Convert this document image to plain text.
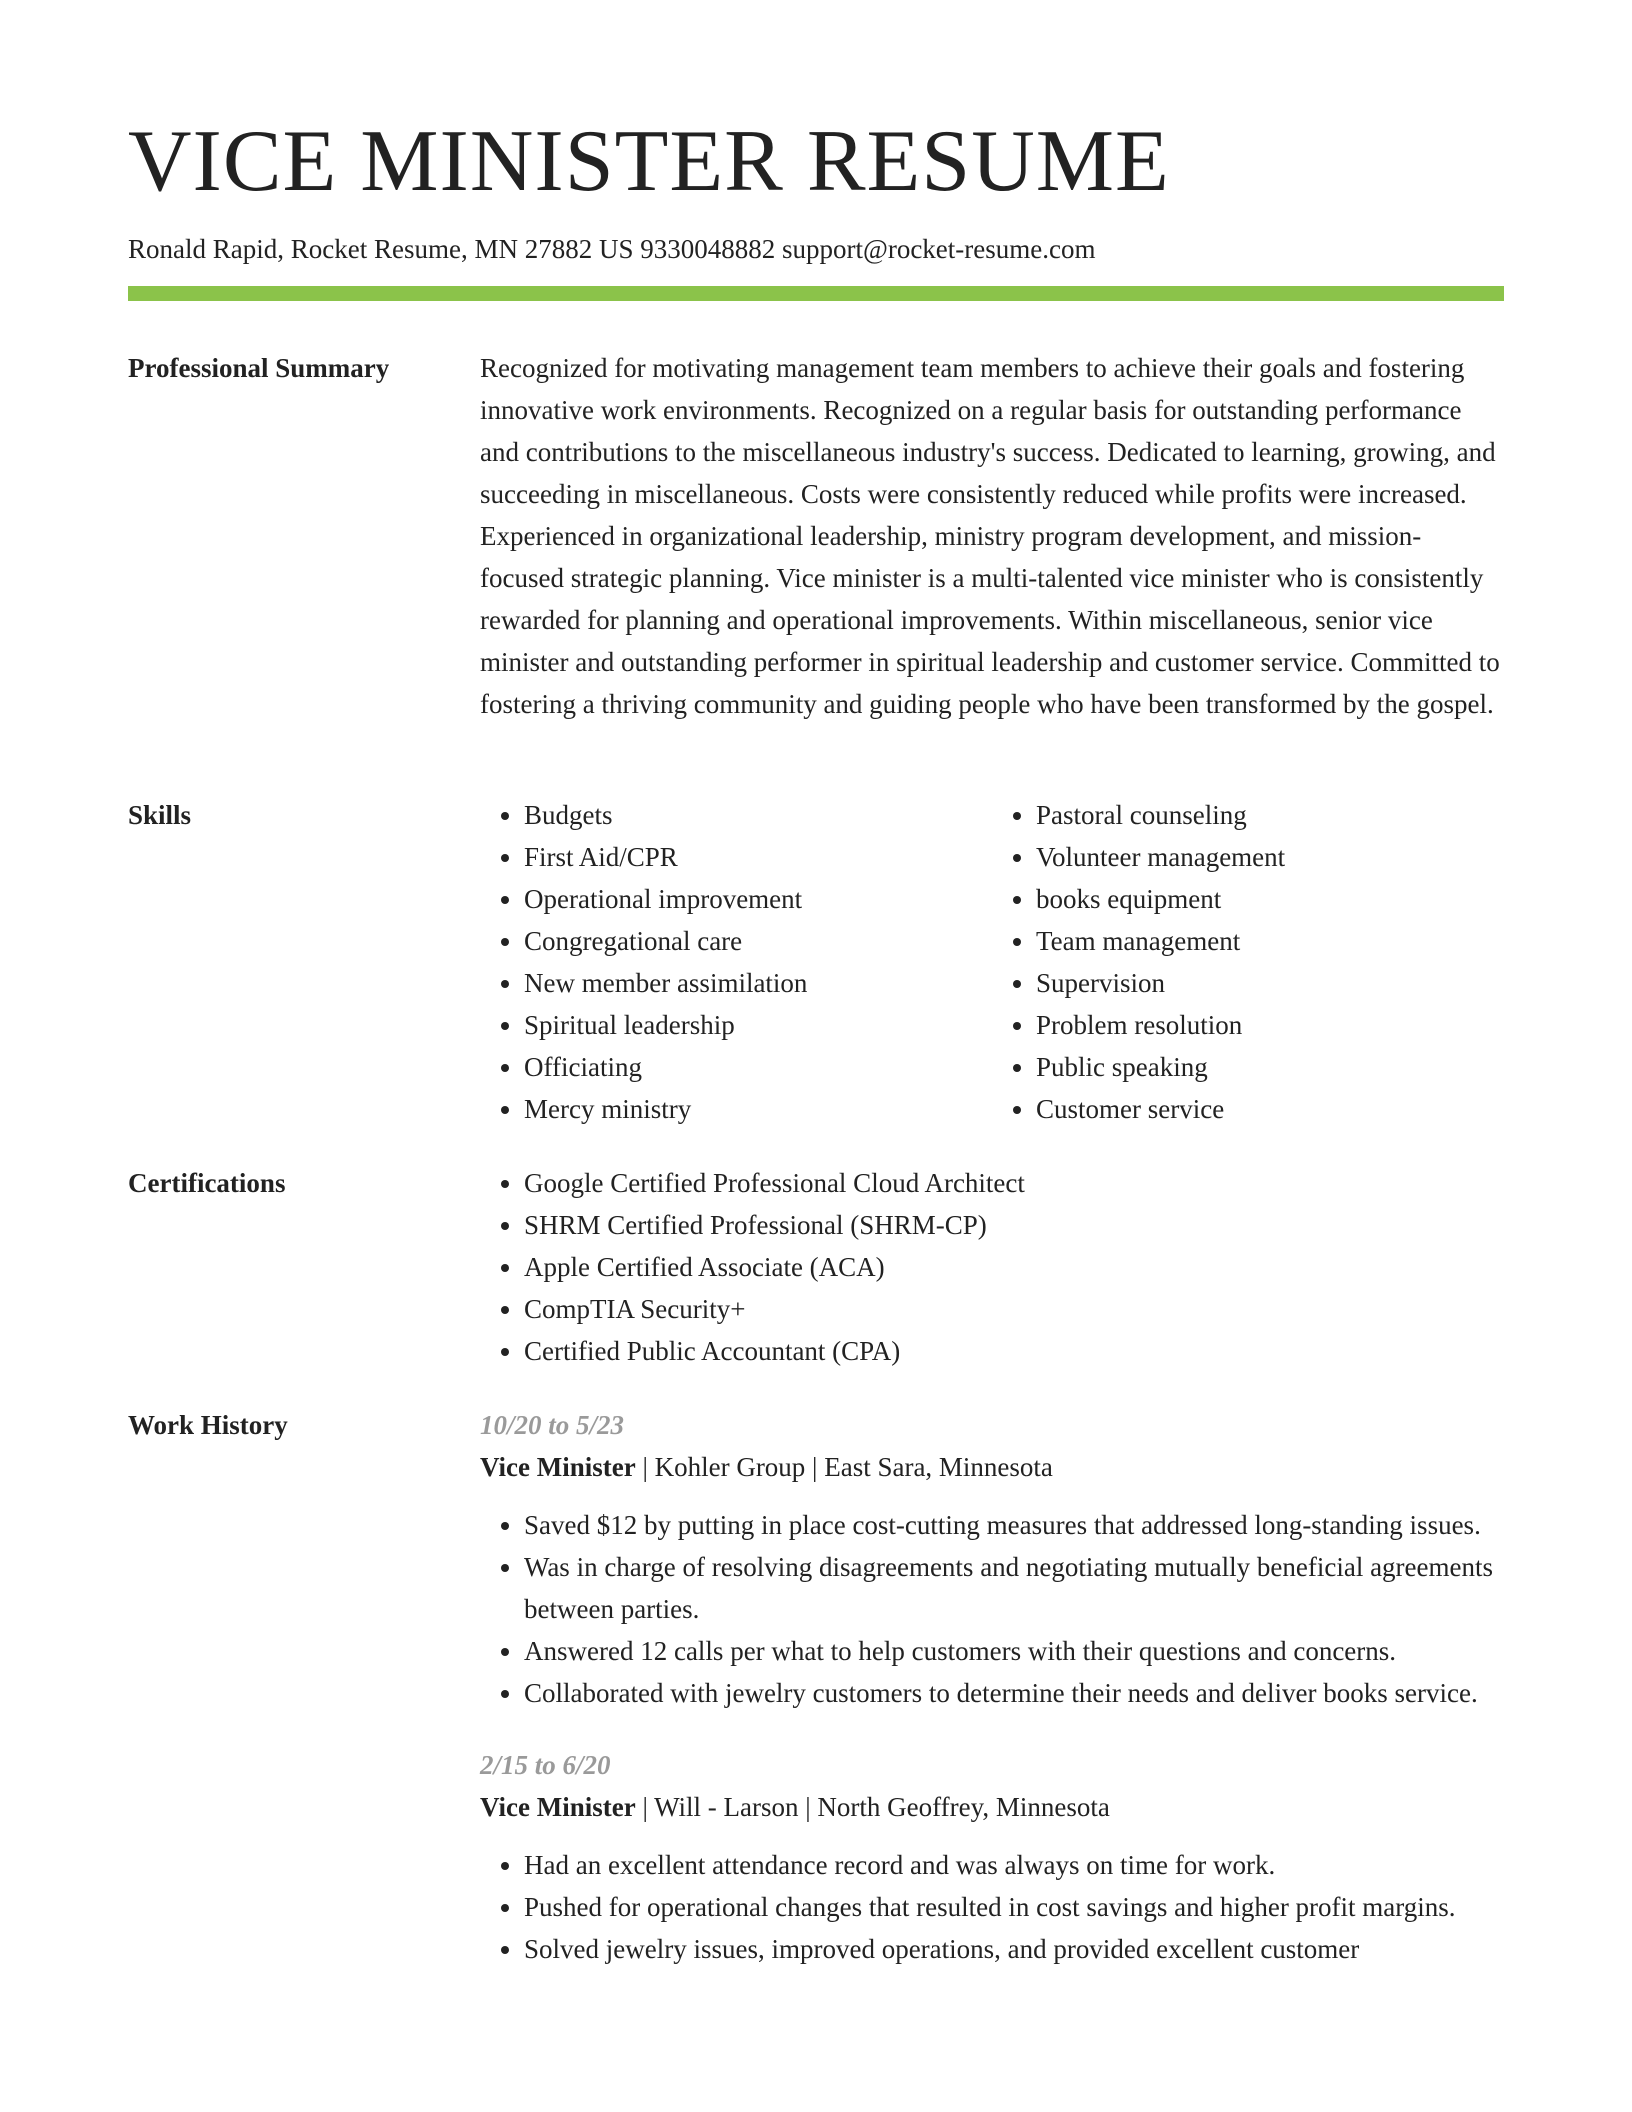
VICE MINISTER RESUME
Ronald Rapid, Rocket Resume, MN 27882 US 9330048882 support@rocket-resume.com
Professional Summary	Recognized for motivating management team members to achieve their goals and fostering innovative work environments. Recognized on a regular basis for outstanding performance and contributions to the miscellaneous industry's success. Dedicated to learning, growing, and succeeding in miscellaneous. Costs were consistently reduced while profits were increased. Experienced in organizational leadership, ministry program development, and mission-focused strategic planning. Vice minister is a multi-talented vice minister who is consistently rewarded for planning and operational improvements. Within miscellaneous, senior vice minister and outstanding performer in spiritual leadership and customer service. Committed to fostering a thriving community and guiding people who have been transformed by the gospel.

Skills	• Budgets
• First Aid/CPR
• Operational improvement
• Congregational care
• New member assimilation
• Spiritual leadership
• Officiating
• Mercy ministry
• Pastoral counseling
• Volunteer management
• books equipment
• Team management
• Supervision
• Problem resolution
• Public speaking
• Customer service
Certifications	• Google Certified Professional Cloud Architect
• SHRM Certified Professional (SHRM-CP)
• Apple Certified Associate (ACA)
• CompTIA Security+
• Certified Public Accountant (CPA)
Work History	10/20 to 5/23
Vice Minister | Kohler Group | East Sara, Minnesota
• Saved $12 by putting in place cost-cutting measures that addressed long-standing issues.
• Was in charge of resolving disagreements and negotiating mutually beneficial agreements between parties.
• Answered 12 calls per what to help customers with their questions and concerns.
• Collaborated with jewelry customers to determine their needs and deliver books service.
2/15 to 6/20
Vice Minister | Will - Larson | North Geoffrey, Minnesota
• Had an excellent attendance record and was always on time for work.
• Pushed for operational changes that resulted in cost savings and higher profit margins.
• Solved jewelry issues, improved operations, and provided excellent customer
